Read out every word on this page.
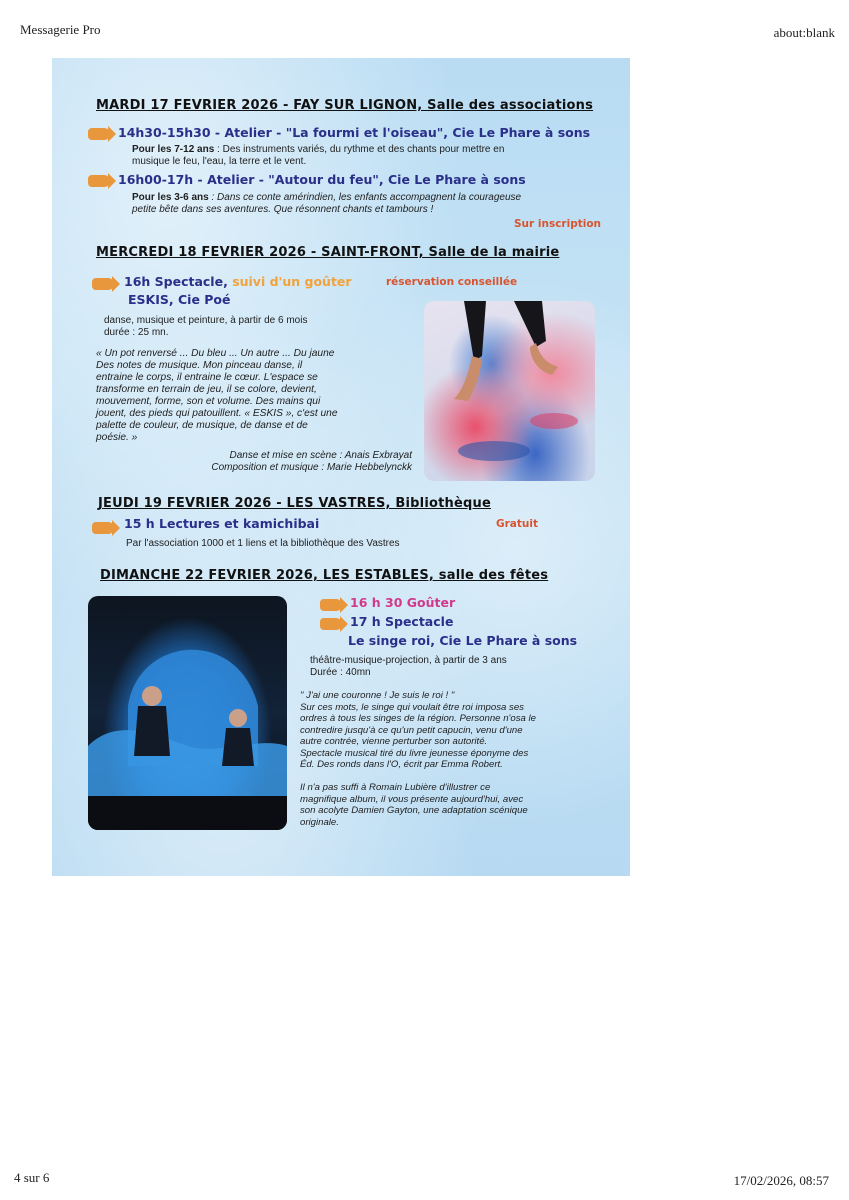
Messagerie Pro	about:blank
4 sur 6	17/02/2026, 08:57
MARDI 17 FEVRIER 2026 - FAY SUR LIGNON, Salle des associations
14h30-15h30 - Atelier - "La fourmi et l'oiseau", Cie Le Phare à sons
Pour les 7-12 ans : Des instruments variés, du rythme et des chants pour mettre en
musique le feu, l'eau, la terre et le vent.
16h00-17h - Atelier - "Autour du feu", Cie Le Phare à sons
Pour les 3-6 ans : Dans ce conte amérindien, les enfants accompagnent la courageuse
petite bête dans ses aventures. Que résonnent chants et tambours !
Sur inscription
MERCREDI 18 FEVRIER 2026 - SAINT-FRONT, Salle de la mairie
16h Spectacle, suivi d'un goûter	réservation conseillée
ESKIS, Cie Poé
danse, musique et peinture, à partir de 6 mois
durée : 25 mn.
« Un pot renversé ... Du bleu ... Un autre ... Du jaune
Des notes de musique. Mon pinceau danse, il
entraine le corps, il entraine le cœur. L'espace se
transforme en terrain de jeu, il se colore, devient,
mouvement, forme, son et volume. Des mains qui
jouent, des pieds qui patouillent. « ESKIS », c'est une
palette de couleur, de musique, de danse et de
poésie. »
Danse et mise en scène : Anais Exbrayat
Composition et musique : Marie Hebbelynckk
JEUDI 19 FEVRIER 2026 - LES VASTRES, Bibliothèque
15 h Lectures et kamichibai	Gratuit
Par l'association 1000 et 1 liens et la bibliothèque des Vastres
DIMANCHE 22 FEVRIER 2026, LES ESTABLES, salle des fêtes
16 h 30 Goûter
17 h Spectacle
Le singe roi, Cie Le Phare à sons
théâtre-musique-projection, à partir de 3 ans
Durée : 40mn
" J'ai une couronne ! Je suis le roi ! "
Sur ces mots, le singe qui voulait être roi imposa ses
ordres à tous les singes de la région. Personne n'osa le
contredire jusqu'à ce qu'un petit capucin, venu d'une
autre contrée, vienne perturber son autorité.
Spectacle musical tiré du livre jeunesse éponyme des
Éd. Des ronds dans l'O, écrit par Emma Robert.
Il n'a pas suffi à Romain Lubière d'illustrer ce
magnifique album, il vous présente aujourd'hui, avec
son acolyte Damien Gayton, une adaptation scénique
originale.
